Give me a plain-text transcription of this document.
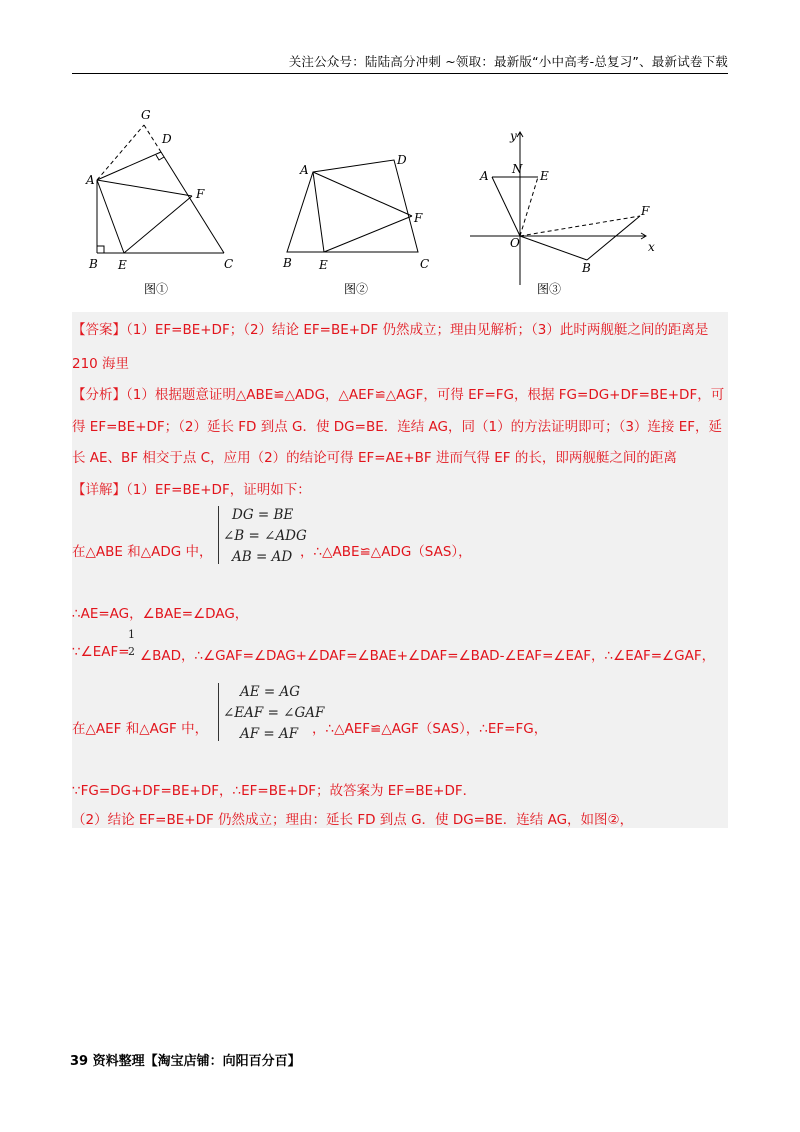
关注公众号：陆陆高分冲刺 ~领取：最新版“小中高考-总复习”、最新试卷下载
G
D
A
F
B E	C
图①
A
D
F
B E	C
图②
y
A N E
F
O	x
B
图③
【答案】（1）EF=BE+DF；（2）结论 EF=BE+DF 仍然成立；理由见解析；（3）此时两舰艇之间的距离是
210 海里
【分析】（1）根据题意证明△ABE≌△ADG，△AEF≌△AGF，可得 EF=FG，根据 FG=DG+DF=BE+DF，可
得 EF=BE+DF；（2）延长 FD 到点 G．使 DG=BE．连结 AG，同（1）的方法证明即可；（3）连接 EF，延
长 AE、BF 相交于点 C，应用（2）的结论可得 EF=AE+BF 进而气得 EF 的长，即两舰艇之间的距离
【详解】（1）EF=BE+DF，证明如下：
在△ABE 和△ADG 中，
DG = BE
∠B = ∠ADG
AB = AD ，∴△ABE≌△ADG（SAS），
∴AE=AG，∠BAE=∠DAG，
∵∠EAF=
1
2 ∠BAD，∴∠GAF=∠DAG+∠DAF=∠BAE+∠DAF=∠BAD-∠EAF=∠EAF，∴∠EAF=∠GAF，
在△AEF 和△AGF 中，
AE = AG
∠EAF = ∠GAF
AF = AF ，∴△AEF≌△AGF（SAS），∴EF=FG，
∵FG=DG+DF=BE+DF，∴EF=BE+DF；故答案为 EF=BE+DF．
（2）结论 EF=BE+DF 仍然成立；理由：延长 FD 到点 G．使 DG=BE．连结 AG，如图②，
39 资料整理【淘宝店铺：向阳百分百】
